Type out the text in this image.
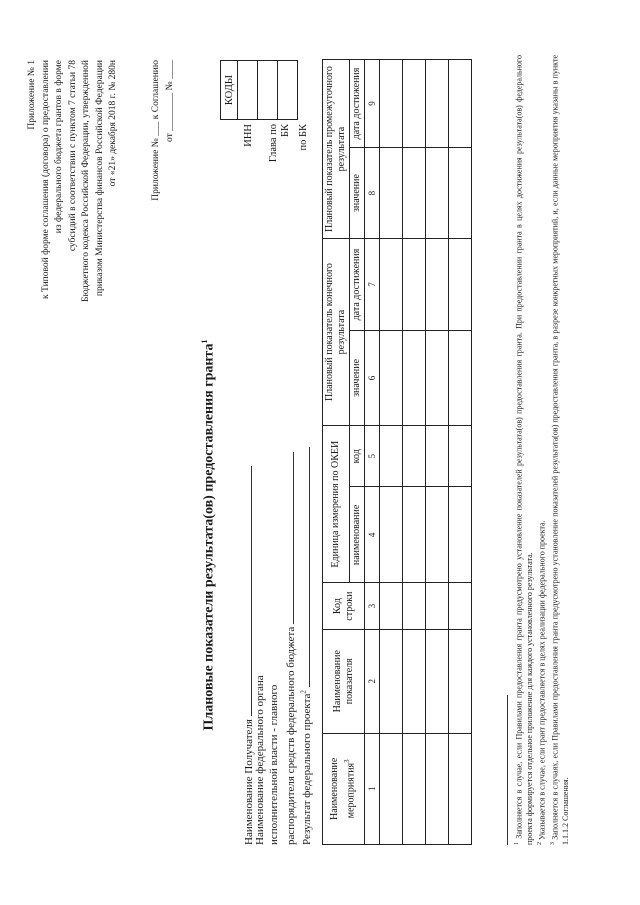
Приложение № 1 к Типовой форме соглашения (договора) о предоставлении из федерального бюджета грантов в форме субсидий в соответствии с пунктом 7 статьи 78 Бюджетного кодекса Российской Федерации, утвержденной приказом Министерства финансов Российской Федерации от «21» декабря 2018 г. № 280н	Приложение № ___ к Соглашению от ________ № ____
Плановые показатели результата(ов) предоставления гранта$^1$
Наименование Получателя Наименование федерального органа исполнительной власти - главного распорядителя средств федерального бюджета Результат федерального проекта$^2$
ИНН Глава по БК по БК
КОДЫ

Наименование мероприятия$^3$	Наименование показателя	Код строки	Единица измерения по ОКЕИ		Плановый показатель конечного результата		Плановый показатель промежуточного результата	
			наименование	код	значение	дата достижения	значение	дата достижения
1	2	3	4	5	6	7	8	9

$^1$ Заполняется в случае, если Правилами предоставления гранта предусмотрено установление показателей результата(ов) предоставления гранта. При предоставлении гранта в целях достижения результата(ов) федерального проекта формируется отдельное приложение для каждого установленного результата. $^2$ Указывается в случае, если грант предоставляется в целях реализации федерального проекта.

$^3$ Заполняется в случаях, если Правилами предоставления гранта предусмотрено установление показателей результата(ов) предоставления гранта, в разрезе конкретных мероприятий, и, если данные мероприятия указаны в пункте 1.1.1.2 Соглашения.
